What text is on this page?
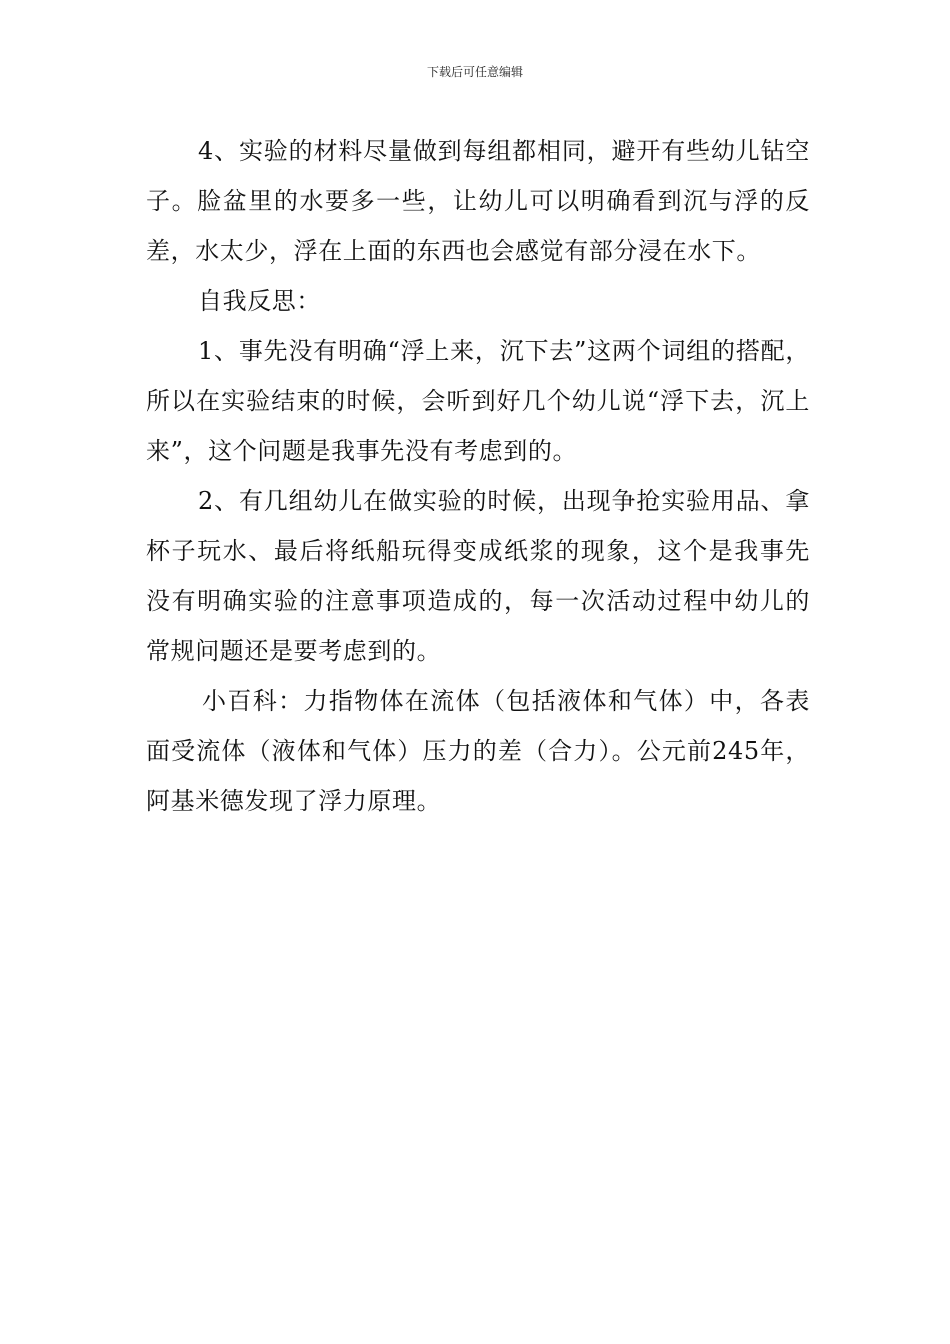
下载后可任意编辑

4、实验的材料尽量做到每组都相同，避开有些幼儿钻空子。脸盆里的水要多一些，让幼儿可以明确看到沉与浮的反差，水太少，浮在上面的东西也会感觉有部分浸在水下。

自我反思：

1、事先没有明确“浮上来，沉下去”这两个词组的搭配，所以在实验结束的时候，会听到好几个幼儿说“浮下去，沉上来”，这个问题是我事先没有考虑到的。

2、有几组幼儿在做实验的时候，出现争抢实验用品、拿杯子玩水、最后将纸船玩得变成纸浆的现象，这个是我事先没有明确实验的注意事项造成的，每一次活动过程中幼儿的常规问题还是要考虑到的。

小百科：力指物体在流体（包括液体和气体）中，各表面受流体（液体和气体）压力的差（合力）。公元前245年，阿基米德发现了浮力原理。
